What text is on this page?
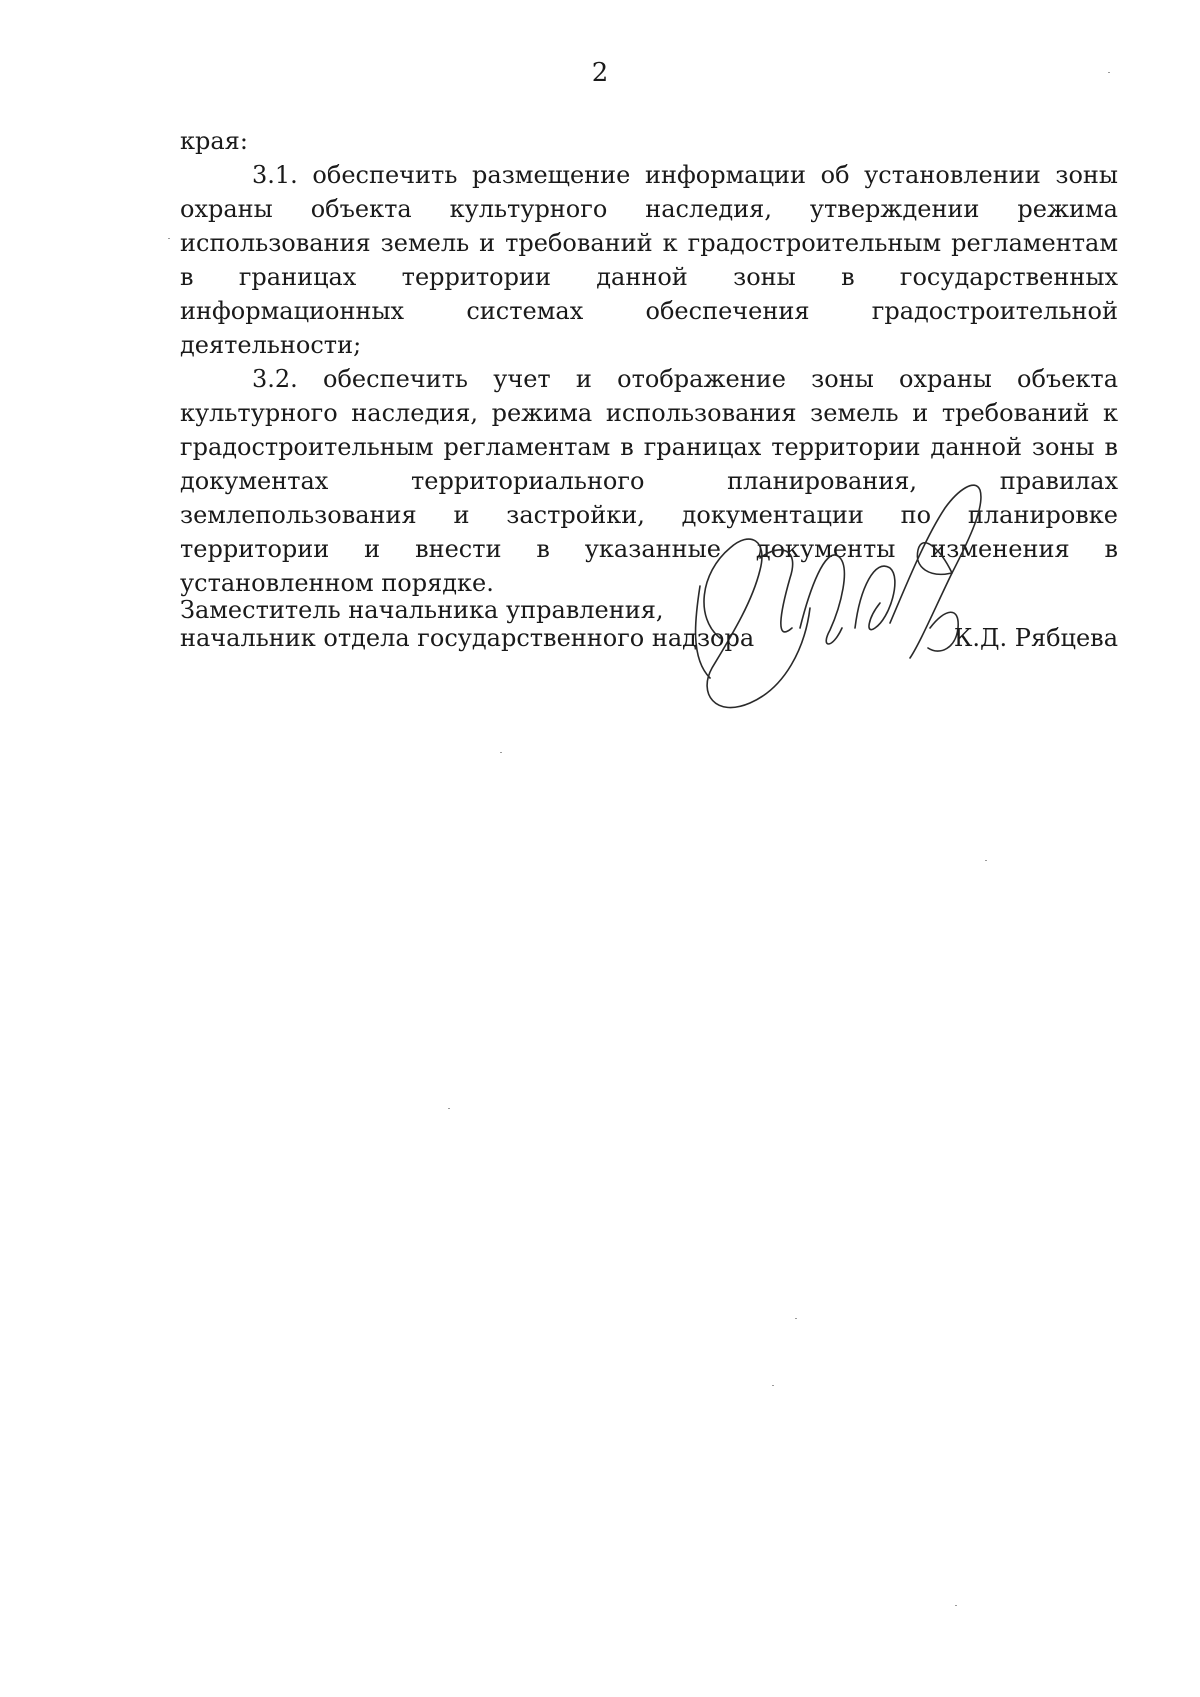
2

края:

3.1. обеспечить размещение информации об установлении зоны охраны объекта культурного наследия, утверждении режима использования земель и требований к градостроительным регламентам в границах территории данной зоны в государственных информационных системах обеспечения градостроительной деятельности;

3.2. обеспечить учет и отображение зоны охраны объекта культурного наследия, режима использования земель и требований к градостроительным регламентам в границах территории данной зоны в документах территориального планирования, правилах землепользования и застройки, документации по планировке территории и внести в указанные документы изменения в установленном порядке.

Заместитель начальника управления,
начальник отдела государственного надзора	К.Д. Рябцева
